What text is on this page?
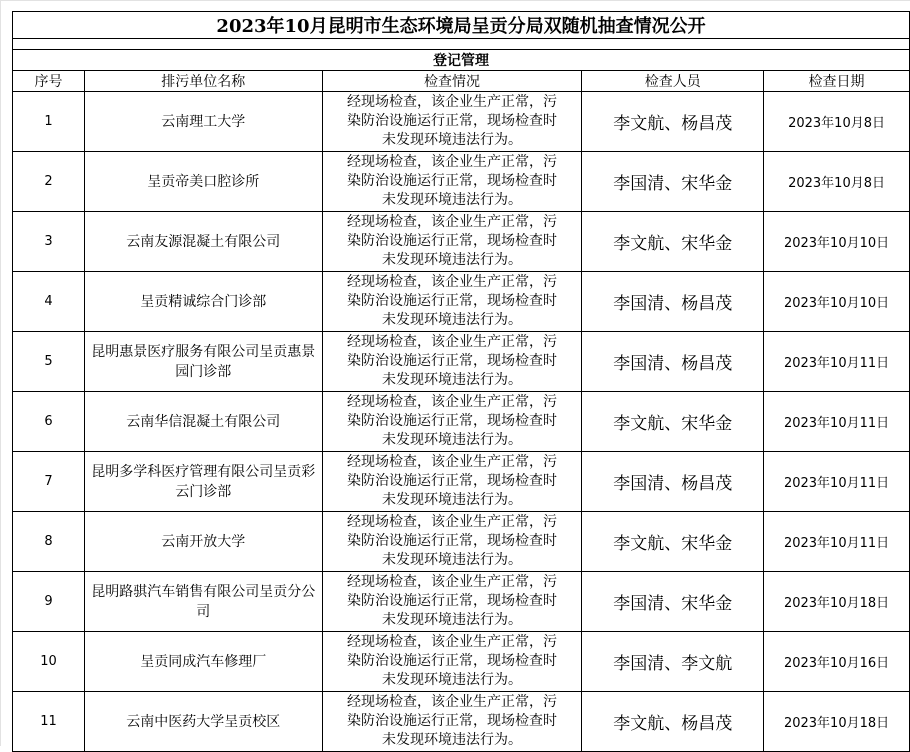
2023年10月昆明市生态环境局呈贡分局双随机抽查情况公开				

登记管理				
序号	排污单位名称	检查情况	检查人员	检查日期
1	云南理工大学	经现场检查，该企业生产正常，污
染防治设施运行正常，现场检查时
未发现环境违法行为。	李文航、杨昌茂	2023年10月8日
2	呈贡帝美口腔诊所	经现场检查，该企业生产正常，污
染防治设施运行正常，现场检查时
未发现环境违法行为。	李国清、宋华金	2023年10月8日
3	云南友源混凝土有限公司	经现场检查，该企业生产正常，污
染防治设施运行正常，现场检查时
未发现环境违法行为。	李文航、宋华金	2023年10月10日
4	呈贡精诚综合门诊部	经现场检查，该企业生产正常，污
染防治设施运行正常，现场检查时
未发现环境违法行为。	李国清、杨昌茂	2023年10月10日
5	昆明惠景医疗服务有限公司呈贡惠景园门诊部	经现场检查，该企业生产正常，污
染防治设施运行正常，现场检查时
未发现环境违法行为。	李国清、杨昌茂	2023年10月11日
6	云南华信混凝土有限公司	经现场检查，该企业生产正常，污
染防治设施运行正常，现场检查时
未发现环境违法行为。	李文航、宋华金	2023年10月11日
7	昆明多学科医疗管理有限公司呈贡彩云门诊部	经现场检查，该企业生产正常，污
染防治设施运行正常，现场检查时
未发现环境违法行为。	李国清、杨昌茂	2023年10月11日
8	云南开放大学	经现场检查，该企业生产正常，污
染防治设施运行正常，现场检查时
未发现环境违法行为。	李文航、宋华金	2023年10月11日
9	昆明路骐汽车销售有限公司呈贡分公司	经现场检查，该企业生产正常，污
染防治设施运行正常，现场检查时
未发现环境违法行为。	李国清、宋华金	2023年10月18日
10	呈贡同成汽车修理厂	经现场检查，该企业生产正常，污
染防治设施运行正常，现场检查时
未发现环境违法行为。	李国清、李文航	2023年10月16日
11	云南中医药大学呈贡校区	经现场检查，该企业生产正常，污
染防治设施运行正常，现场检查时
未发现环境违法行为。	李文航、杨昌茂	2023年10月18日
